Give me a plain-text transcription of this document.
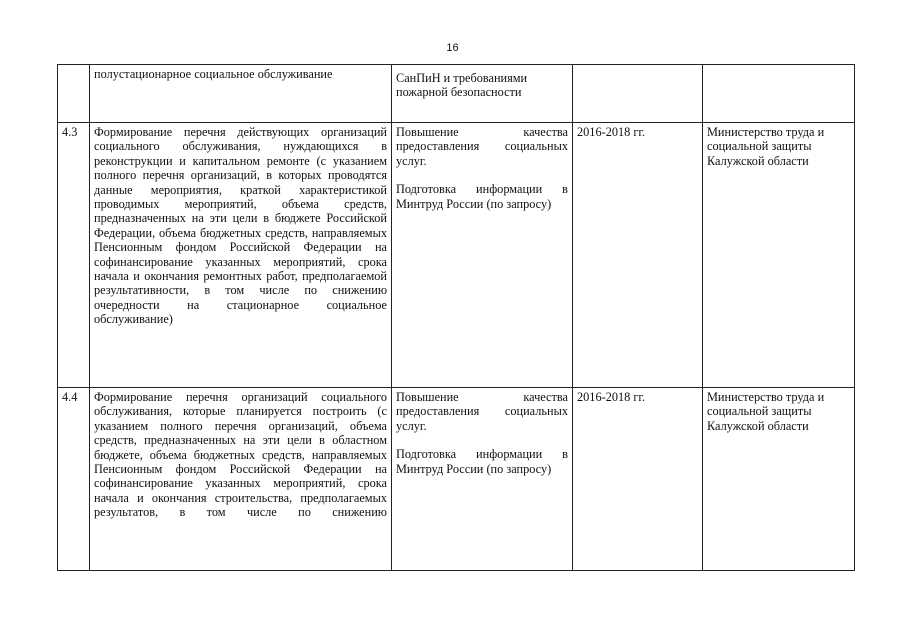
16

	полустационарное социальное обслуживание	СанПиН и требованиями пожарной безопасности		

4.3	Формирование перечня действующих организаций социального обслуживания, нуждающихся в реконструкции и капитальном ремонте (с указанием полного перечня организаций, в которых проводятся данные мероприятия, краткой характеристикой проводимых мероприятий, объема средств, предназначенных на эти цели в бюджете Российской Федерации, объема бюджетных средств, направляемых Пенсионным фондом Российской Федерации на софинансирование указанных мероприятий, срока начала и окончания ремонтных работ, предполагаемой результативности, в том числе по снижению очередности на стационарное социальное обслуживание)	Повышение качества предоставления социальных услуг.
Подготовка информации в Минтруд России (по запросу)	2016-2018 гг.	Министерство труда и социальной защиты Калужской области

4.4	Формирование перечня организаций социального обслуживания, которые планируется построить (с указанием полного перечня организаций, объема средств, предназначенных на эти цели в областном бюджете, объема бюджетных средств, направляемых Пенсионным фондом Российской Федерации на софинансирование указанных мероприятий, срока начала и окончания строительства, предполагаемых результатов, в том числе по снижению	Повышение качества предоставления социальных услуг.
Подготовка информации в Минтруд России (по запросу)	2016-2018 гг.	Министерство труда и социальной защиты Калужской области
